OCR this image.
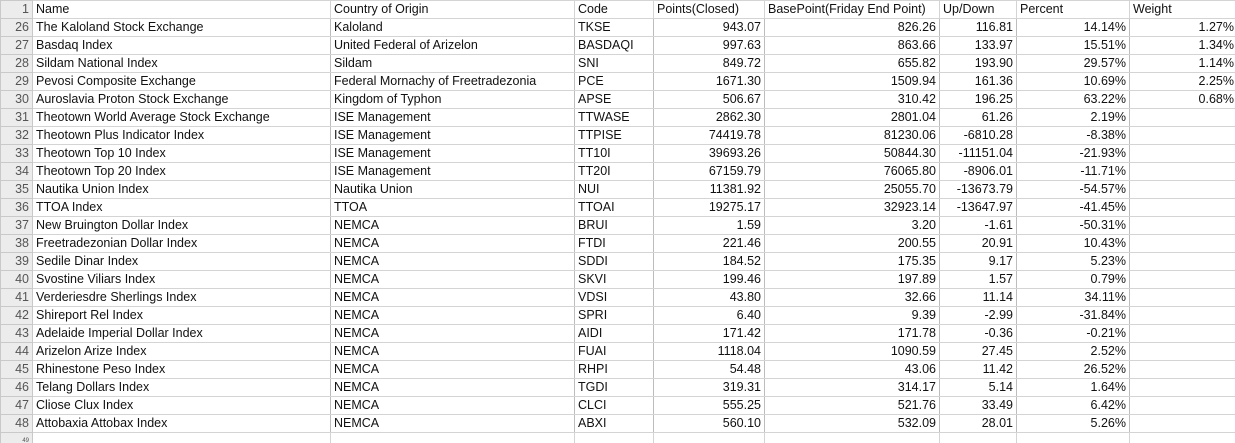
1	Name	Country of Origin	Code	Points(Closed)	BasePoint(Friday End Point)	Up/Down	Percent	Weight
26	The Kaloland Stock Exchange	Kaloland	TKSE	943.07	826.26	116.81	14.14%	1.27%
27	Basdaq Index	United Federal of Arizelon	BASDAQI	997.63	863.66	133.97	15.51%	1.34%
28	Sildam National Index	Sildam	SNI	849.72	655.82	193.90	29.57%	1.14%
29	Pevosi Composite Exchange	Federal Mornachy of Freetradezonia	PCE	1671.30	1509.94	161.36	10.69%	2.25%
30	Auroslavia Proton Stock Exchange	Kingdom of Typhon	APSE	506.67	310.42	196.25	63.22%	0.68%
31	Theotown World Average Stock Exchange	ISE Management	TTWASE	2862.30	2801.04	61.26	2.19%	
32	Theotown Plus Indicator Index	ISE Management	TTPISE	74419.78	81230.06	-6810.28	-8.38%	
33	Theotown Top 10 Index	ISE Management	TT10I	39693.26	50844.30	-11151.04	-21.93%	
34	Theotown Top 20 Index	ISE Management	TT20I	67159.79	76065.80	-8906.01	-11.71%	
35	Nautika Union Index	Nautika Union	NUI	11381.92	25055.70	-13673.79	-54.57%	
36	TTOA Index	TTOA	TTOAI	19275.17	32923.14	-13647.97	-41.45%	
37	New Bruington Dollar Index	NEMCA	BRUI	1.59	3.20	-1.61	-50.31%	
38	Freetradezonian Dollar Index	NEMCA	FTDI	221.46	200.55	20.91	10.43%	
39	Sedile Dinar Index	NEMCA	SDDI	184.52	175.35	9.17	5.23%	
40	Svostine Viliars Index	NEMCA	SKVI	199.46	197.89	1.57	0.79%	
41	Verderiesdre Sherlings Index	NEMCA	VDSI	43.80	32.66	11.14	34.11%	
42	Shireport Rel Index	NEMCA	SPRI	6.40	9.39	-2.99	-31.84%	
43	Adelaide Imperial Dollar Index	NEMCA	AIDI	171.42	171.78	-0.36	-0.21%	
44	Arizelon Arize Index	NEMCA	FUAI	1118.04	1090.59	27.45	2.52%	
45	Rhinestone Peso Index	NEMCA	RHPI	54.48	43.06	11.42	26.52%	
46	Telang Dollars Index	NEMCA	TGDI	319.31	314.17	5.14	1.64%	
47	Cliose Clux Index	NEMCA	CLCI	555.25	521.76	33.49	6.42%	
48	Attobaxia Attobax Index	NEMCA	ABXI	560.10	532.09	28.01	5.26%	
49								
